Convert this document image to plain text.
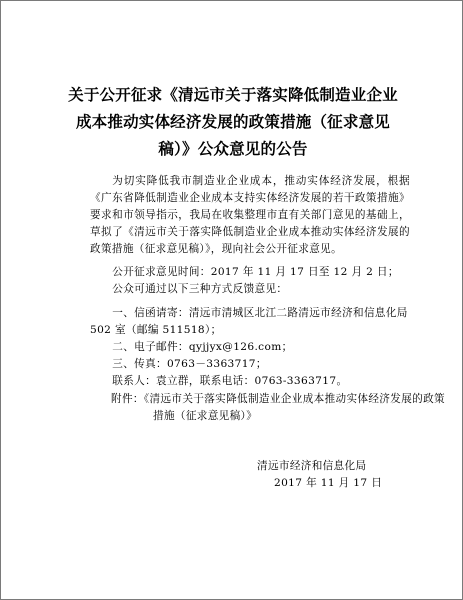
关于公开征求《清远市关于落实降低制造业企业成本推动实体经济发展的政策措施（征求意见稿）》公众意见的公告
为切实降低我市制造业企业成本，推动实体经济发展，根据《广东省降低制造业企业成本支持实体经济发展的若干政策措施》要求和市领导指示，我局在收集整理市直有关部门意见的基础上，草拟了《清远市关于落实降低制造业企业成本推动实体经济发展的政策措施（征求意见稿）》，现向社会公开征求意见。
公开征求意见时间：2017 年 11 月 17 日至 12 月 2 日；
公众可通过以下三种方式反馈意见：
一、信函请寄：清远市清城区北江二路清远市经济和信息化局 502 室（邮编 511518）；
二、电子邮件：qyjjyx@126.com；
三、传真：0763－3363717；
联系人：袁立群，联系电话：0763-3363717。
附件：《清远市关于落实降低制造业企业成本推动实体经济发展的政策措施（征求意见稿）》
清远市经济和信息化局
2017 年 11 月 17 日
